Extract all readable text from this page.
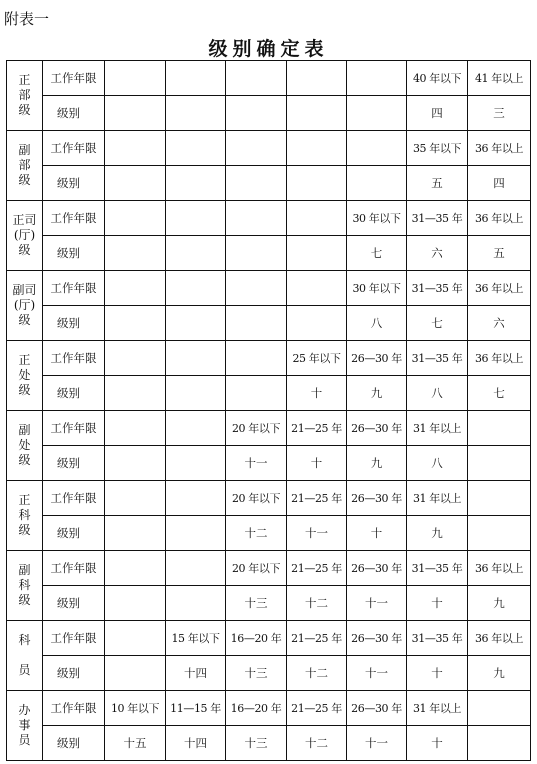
附表一
级别确定表
正
部
级	工作年限						40 年以下	41 年以上
	级别						四	三

副
部
级	工作年限						35 年以下	36 年以上
	级别						五	四

正司
(厅)
级	工作年限					30 年以下	31—35 年	36 年以上
	级别					七	六	五

副司
(厅)
级	工作年限					30 年以下	31—35 年	36 年以上
	级别					八	七	六

正
处
级	工作年限				25 年以下	26—30 年	31—35 年	36 年以上
	级别				十	九	八	七

副
处
级	工作年限			20 年以下	21—25 年	26—30 年	31 年以上	
	级别			十一	十	九	八	

正
科
级	工作年限			20 年以下	21—25 年	26—30 年	31 年以上	
	级别			十二	十一	十	九	

副
科
级	工作年限			20 年以下	21—25 年	26—30 年	31—35 年	36 年以上
	级别			十三	十二	十一	十	九

科

员	工作年限		15 年以下	16—20 年	21—25 年	26—30 年	31—35 年	36 年以上
	级别		十四	十三	十二	十一	十	九

办
事
员	工作年限	10 年以下	11—15 年	16—20 年	21—25 年	26—30 年	31 年以上	
	级别	十五	十四	十三	十二	十一	十	
